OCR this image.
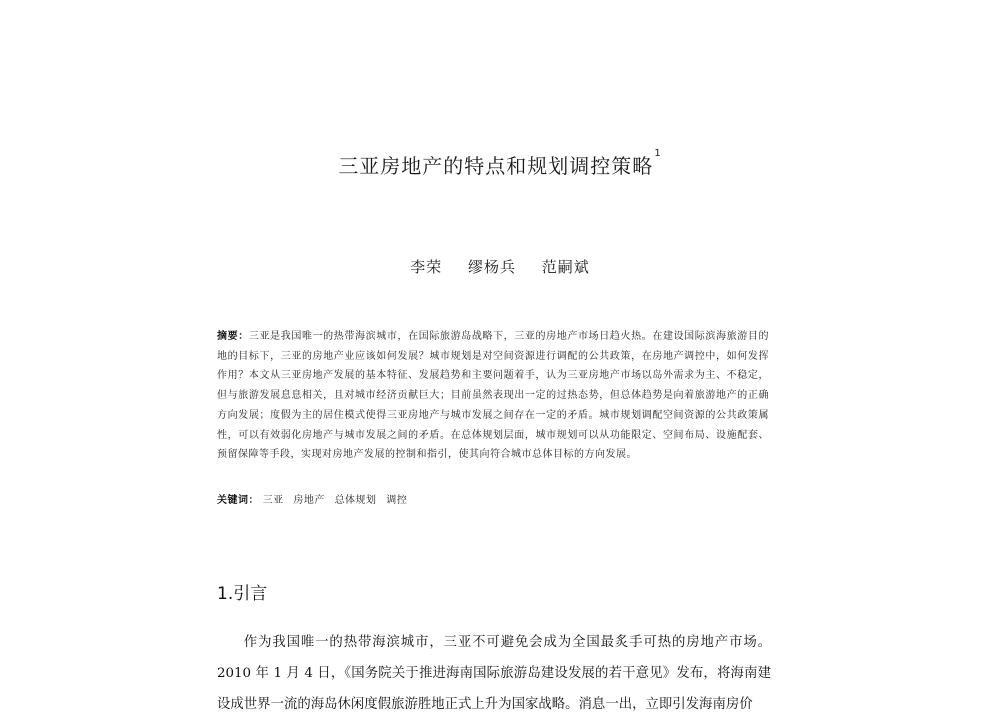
三亚房地产的特点和规划调控策略$^1$
李荣 缪杨兵 范嗣斌
摘要：三亚是我国唯一的热带海滨城市，在国际旅游岛战略下，三亚的房地产市场日趋火热。在建设国际滨海旅游目的地的目标下，三亚的房地产业应该如何发展？城市规划是对空间资源进行调配的公共政策，在房地产调控中，如何发挥作用？本文从三亚房地产发展的基本特征、发展趋势和主要问题着手，认为三亚房地产市场以岛外需求为主、不稳定，但与旅游发展息息相关，且对城市经济贡献巨大；目前虽然表现出一定的过热态势，但总体趋势是向着旅游地产的正确方向发展；度假为主的居住模式使得三亚房地产与城市发展之间存在一定的矛盾。城市规划调配空间资源的公共政策属性，可以有效弱化房地产与城市发展之间的矛盾。在总体规划层面，城市规划可以从功能限定、空间布局、设施配套、预留保障等手段，实现对房地产发展的控制和指引，使其向符合城市总体目标的方向发展。
关键词： 三亚 房地产 总体规划 调控
1.引言
作为我国唯一的热带海滨城市，三亚不可避免会成为全国最炙手可热的房地产市场。2010 年 1 月 4 日，《国务院关于推进海南国际旅游岛建设发展的若干意见》发布，将海南建设成世界一流的海岛休闲度假旅游胜地正式上升为国家战略。消息一出，立即引发海南房价
